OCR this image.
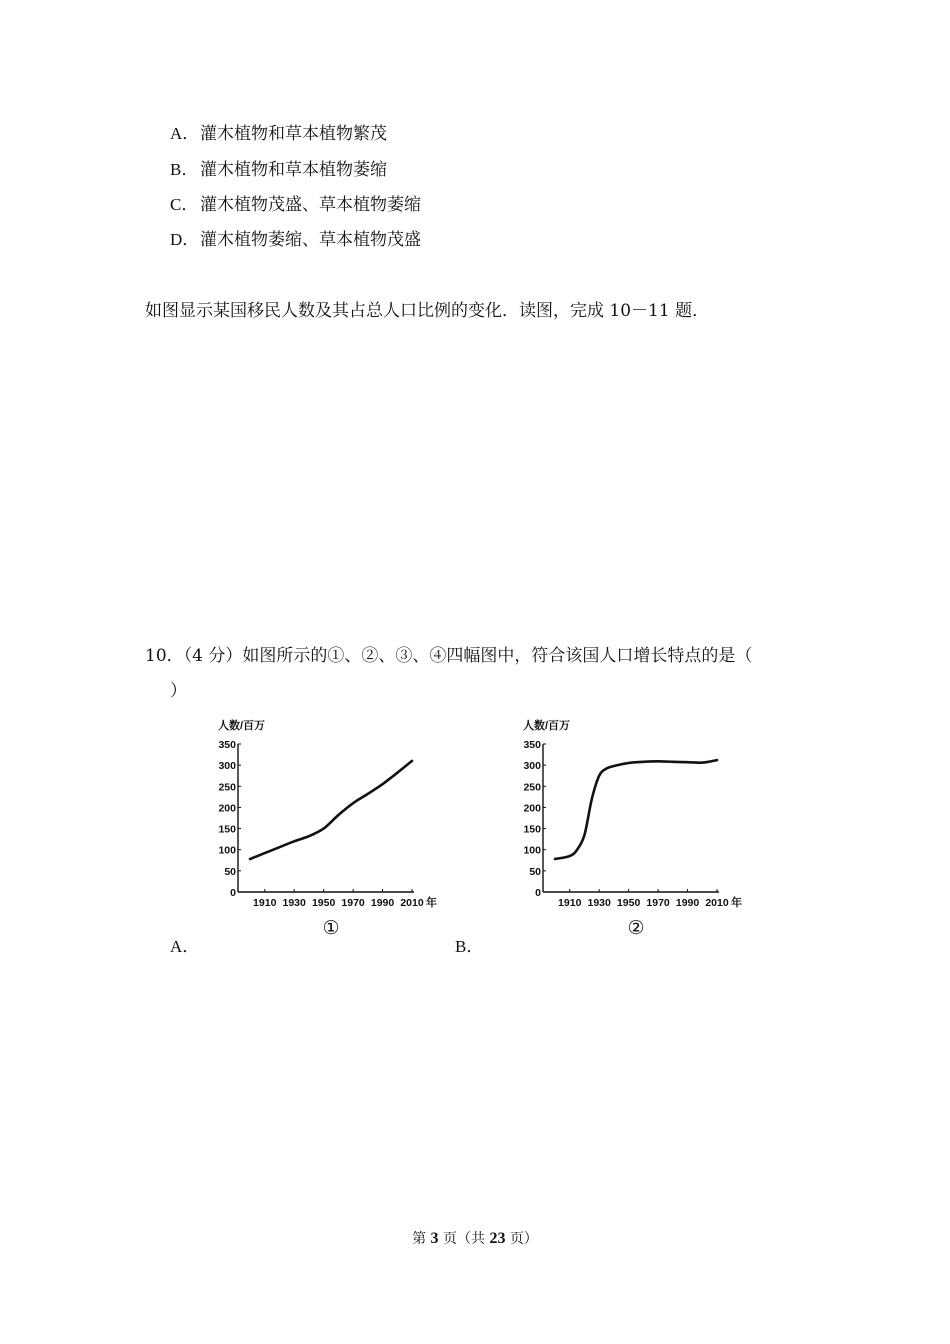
A．灌木植物和草本植物繁茂
B．灌木植物和草本植物萎缩
C．灌木植物茂盛、草本植物萎缩
D．灌木植物萎缩、草本植物茂盛
如图显示某国移民人数及其占总人口比例的变化．读图，完成 10－11 题．
10．（4 分）如图所示的①、②、③、④四幅图中，符合该国人口增长特点的是（
）
人数/百万
0
50
100
150
200
250
300
350
1910 1930 1950 1970 1990 2010 年
①
人数/百万
0
50
100
150
200
250
300
350
1910 1930 1950 1970 1990 2010 年
②
A．	B．
第 3 页（共 23 页）
